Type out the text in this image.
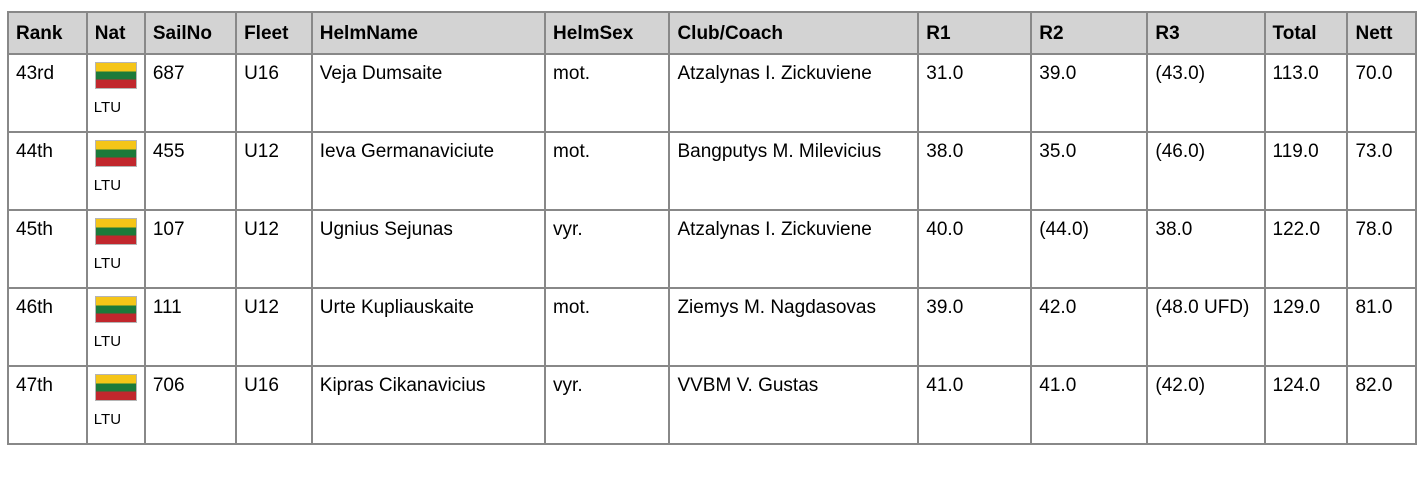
Rank	Nat	SailNo	Fleet	HelmName	HelmSex	Club/Coach	R1	R2	R3	Total	Nett
43rd	LTU	687	U16	Veja Dumsaite	mot.	Atzalynas I. Zickuviene	31.0	39.0	(43.0)	113.0	70.0
44th	LTU	455	U12	Ieva Germanaviciute	mot.	Bangputys M. Milevicius	38.0	35.0	(46.0)	119.0	73.0
45th	LTU	107	U12	Ugnius Sejunas	vyr.	Atzalynas I. Zickuviene	40.0	(44.0)	38.0	122.0	78.0
46th	LTU	111	U12	Urte Kupliauskaite	mot.	Ziemys M. Nagdasovas	39.0	42.0	(48.0 UFD)	129.0	81.0
47th	LTU	706	U16	Kipras Cikanavicius	vyr.	VVBM V. Gustas	41.0	41.0	(42.0)	124.0	82.0
